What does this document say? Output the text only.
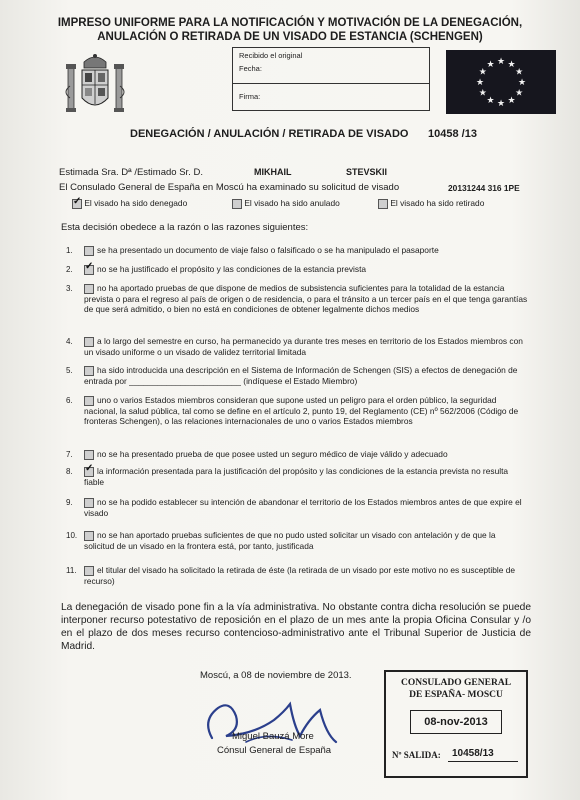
IMPRESO UNIFORME PARA LA NOTIFICACIÓN Y MOTIVACIÓN DE LA DENEGACIÓN,
ANULACIÓN O RETIRADA DE UN VISADO DE ESTANCIA (SCHENGEN)
Recibido el original
Fecha:
Firma:
★ ★
★
★
★
★
★
★
★
★
★
★
DENEGACIÓN / ANULACIÓN / RETIRADA DE VISADO 10458 /13
Estimada Sra. Dª /Estimado Sr. D.	MIKHAIL	STEVSKII
El Consulado General de España en Moscú ha examinado su solicitud de visado	20131244 316 1PE
✓ El visado ha sido denegado	El visado ha sido anulado	El visado ha sido retirado
Esta decisión obedece a la razón o las razones siguientes:
1.	se ha presentado un documento de viaje falso o falsificado o se ha manipulado el pasaporte
2. ✓	no se ha justificado el propósito y las condiciones de la estancia prevista
3.	no ha aportado pruebas de que dispone de medios de subsistencia suficientes para la totalidad de la estancia prevista o para el regreso al país de origen o de residencia, o para el tránsito a un tercer país en el que tenga garantías de que será admitido, o bien no está en condiciones de obtener legalmente dichos medios
4.	a lo largo del semestre en curso, ha permanecido ya durante tres meses en territorio de los Estados miembros con un visado uniforme o un visado de validez territorial limitada
5.	ha sido introducida una descripción en el Sistema de Información de Schengen (SIS) a efectos de denegación de entrada por ________________________ (indíquese el Estado Miembro)
6.	uno o varios Estados miembros consideran que supone usted un peligro para el orden público, la seguridad nacional, la salud pública, tal como se define en el artículo 2, punto 19, del Reglamento (CE) nº 562/2006 (Código de fronteras Schengen), o las relaciones internacionales de uno o varios Estados miembros
7.	no se ha presentado prueba de que posee usted un seguro médico de viaje válido y adecuado
8. ✓	la información presentada para la justificación del propósito y las condiciones de la estancia prevista no resulta fiable
9.	no se ha podido establecer su intención de abandonar el territorio de los Estados miembros antes de que expire el visado
10.	no se han aportado pruebas suficientes de que no pudo usted solicitar un visado con antelación y de que la solicitud de un visado en la frontera está, por tanto, justificada
11.	el titular del visado ha solicitado la retirada de éste (la retirada de un visado por este motivo no es susceptible de recurso)
La denegación de visado pone fin a la vía administrativa. No obstante contra dicha resolución se puede interponer recurso potestativo de reposición en el plazo de un mes ante la propia Oficina Consular y /o en el plazo de dos meses recurso contencioso-administrativo ante el Tribunal Superior de Justicia de Madrid.
Moscú, a 08 de noviembre de 2013.
Miguel Bauzá More
Cónsul General de España
CONSULADO GENERAL
DE ESPAÑA- MOSCU
08-nov-2013
Nº SALIDA: 10458/13
